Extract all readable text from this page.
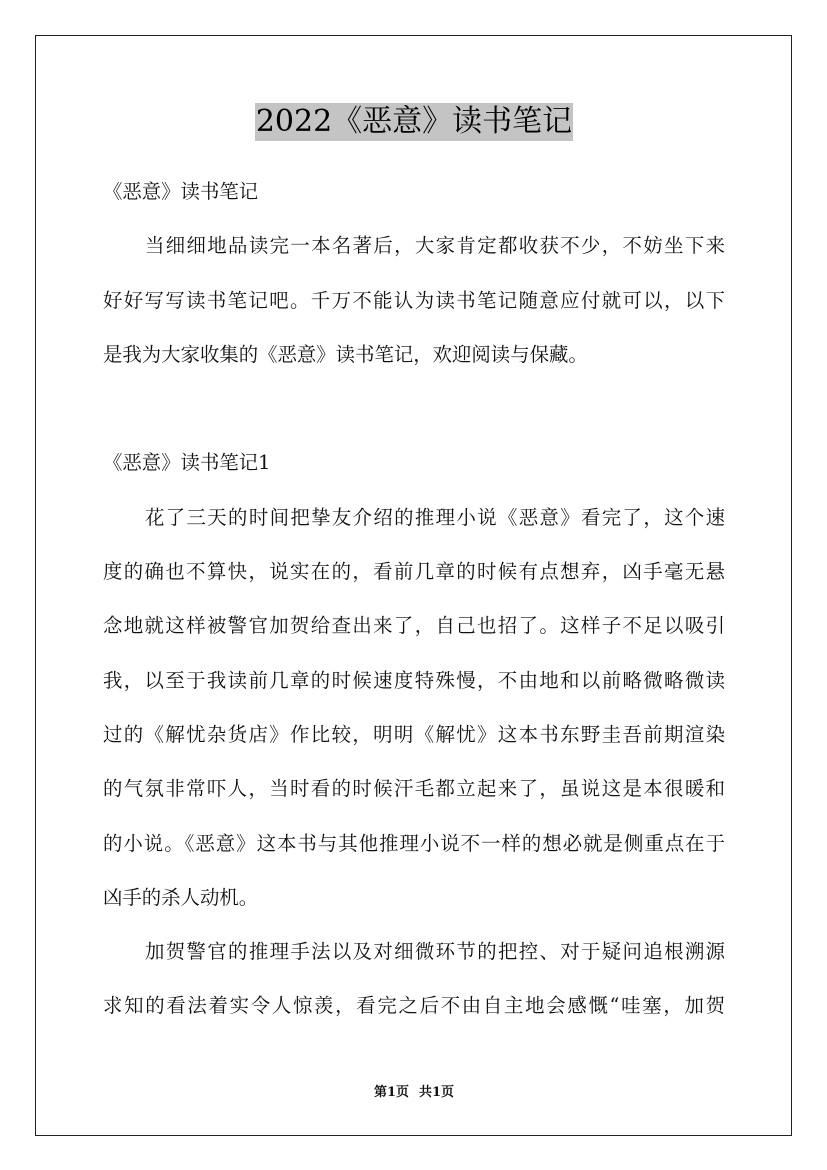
2022《恶意》读书笔记
《恶意》读书笔记
当细细地品读完一本名著后，大家肯定都收获不少，不妨坐下来
好好写写读书笔记吧。千万不能认为读书笔记随意应付就可以，以下
是我为大家收集的《恶意》读书笔记，欢迎阅读与保藏。
《恶意》读书笔记1
花了三天的时间把挚友介绍的推理小说《恶意》看完了，这个速
度的确也不算快，说实在的，看前几章的时候有点想弃，凶手毫无悬
念地就这样被警官加贺给查出来了，自己也招了。这样子不足以吸引
我，以至于我读前几章的时候速度特殊慢，不由地和以前略微略微读
过的《解忧杂货店》作比较，明明《解忧》这本书东野圭吾前期渲染
的气氛非常吓人，当时看的时候汗毛都立起来了，虽说这是本很暖和
的小说。《恶意》这本书与其他推理小说不一样的想必就是侧重点在于
凶手的杀人动机。
加贺警官的推理手法以及对细微环节的把控、对于疑问追根溯源
求知的看法着实令人惊羡，看完之后不由自主地会感慨“哇塞，加贺
第1页 共1页
